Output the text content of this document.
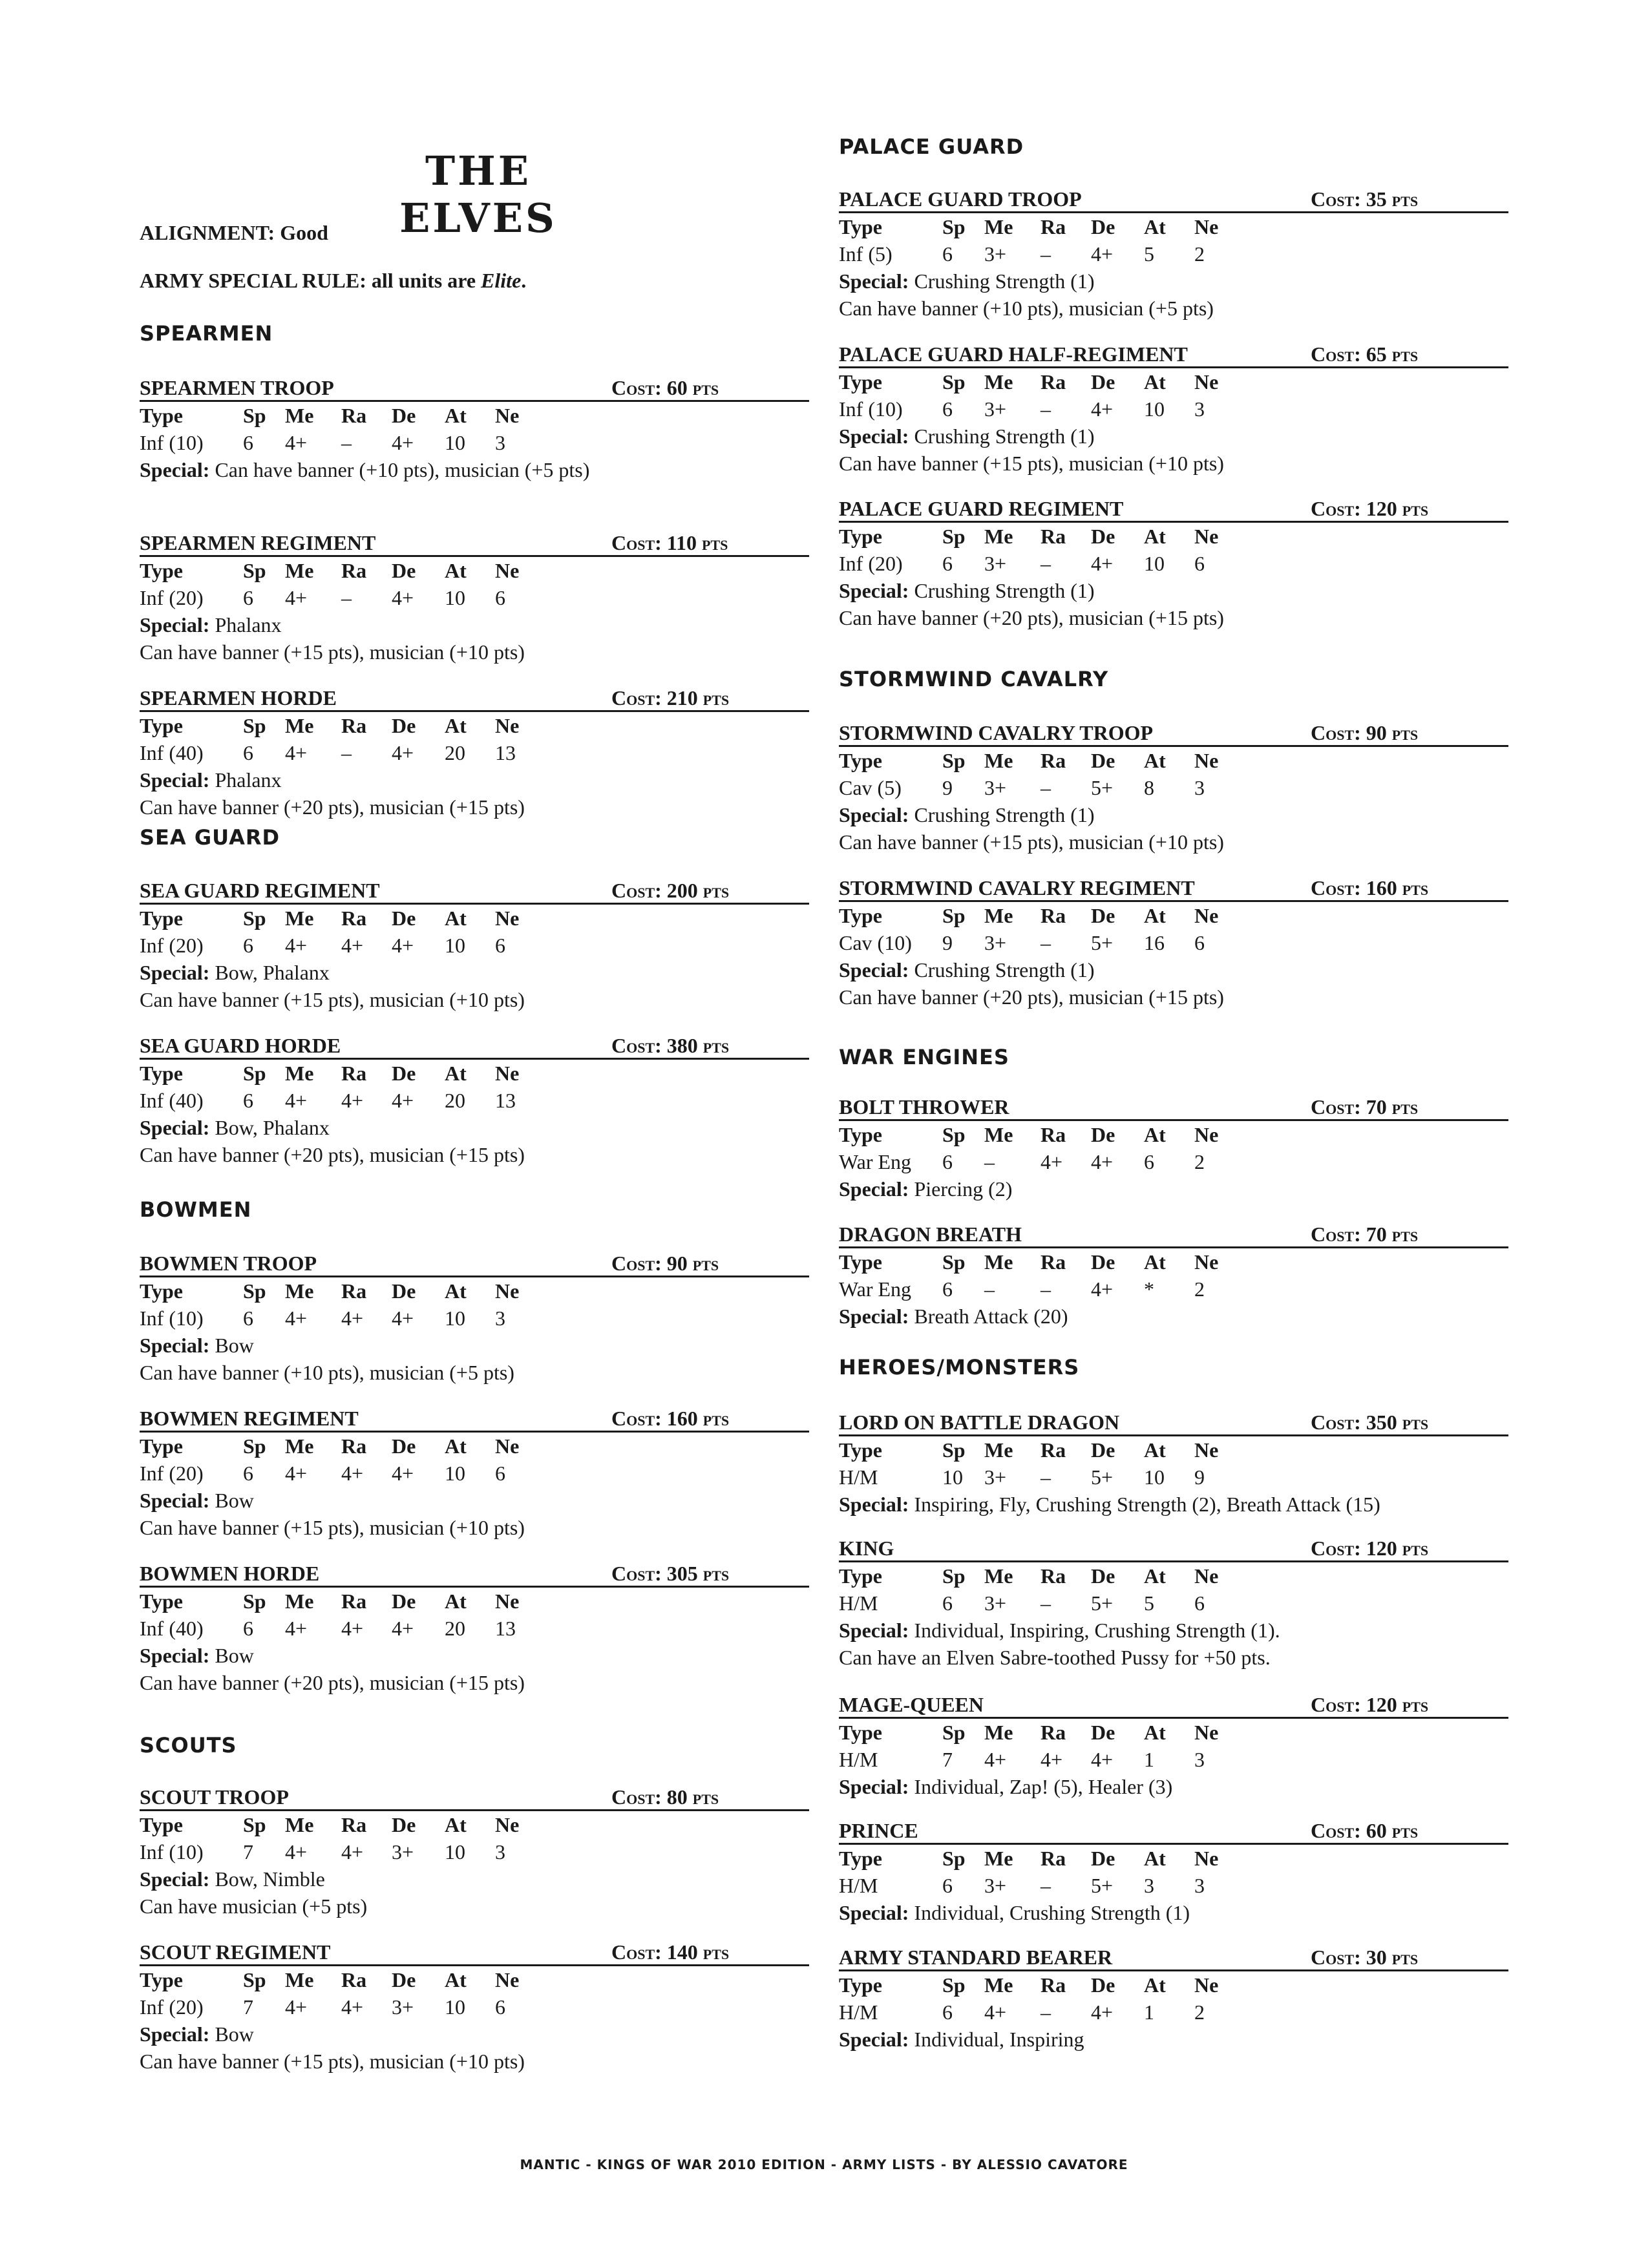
THE ELVES
ALIGNMENT: Good
ARMY SPECIAL RULE: all units are Elite.
SPEARMEN
SPEARMEN TROOP	Cost: 60 pts
Type	Sp Me Ra De At Ne
Inf (10) 6 4+ – 4+ 10 3
Special: Can have banner (+10 pts), musician (+5 pts)
SPEARMEN REGIMENT	Cost: 110 pts
Type	Sp Me Ra De At Ne
Inf (20) 6 4+ – 4+ 10 6
Special: Phalanx
Can have banner (+15 pts), musician (+10 pts)
SPEARMEN HORDE	Cost: 210 pts
Type	Sp Me Ra De At Ne
Inf (40) 6 4+ – 4+ 20 13
Special: Phalanx
Can have banner (+20 pts), musician (+15 pts)
SEA GUARD
SEA GUARD REGIMENT	Cost: 200 pts
Type	Sp Me Ra De At Ne
Inf (20) 6 4+ 4+ 4+ 10 6
Special: Bow, Phalanx
Can have banner (+15 pts), musician (+10 pts)
SEA GUARD HORDE	Cost: 380 pts
Type	Sp Me Ra De At Ne
Inf (40) 6 4+ 4+ 4+ 20 13
Special: Bow, Phalanx
Can have banner (+20 pts), musician (+15 pts)
BOWMEN
BOWMEN TROOP	Cost: 90 pts
Type	Sp Me Ra De At Ne
Inf (10) 6 4+ 4+ 4+ 10 3
Special: Bow
Can have banner (+10 pts), musician (+5 pts)
BOWMEN REGIMENT	Cost: 160 pts
Type	Sp Me Ra De At Ne
Inf (20) 6 4+ 4+ 4+ 10 6
Special: Bow
Can have banner (+15 pts), musician (+10 pts)
BOWMEN HORDE	Cost: 305 pts
Type	Sp Me Ra De At Ne
Inf (40) 6 4+ 4+ 4+ 20 13
Special: Bow
Can have banner (+20 pts), musician (+15 pts)
SCOUTS
SCOUT TROOP	Cost: 80 pts
Type	Sp Me Ra De At Ne
Inf (10) 7 4+ 4+ 3+ 10 3
Special: Bow, Nimble
Can have musician (+5 pts)
SCOUT REGIMENT	Cost: 140 pts
Type	Sp Me Ra De At Ne
Inf (20) 7 4+ 4+ 3+ 10 6
Special: Bow
Can have banner (+15 pts), musician (+10 pts)
PALACE GUARD
PALACE GUARD TROOP	Cost: 35 pts
Type	Sp Me Ra De At Ne
Inf (5) 6 3+ – 4+ 5 2
Special: Crushing Strength (1)
Can have banner (+10 pts), musician (+5 pts)
PALACE GUARD HALF-REGIMENT	Cost: 65 pts
Type	Sp Me Ra De At Ne
Inf (10) 6 3+ – 4+ 10 3
Special: Crushing Strength (1)
Can have banner (+15 pts), musician (+10 pts)
PALACE GUARD REGIMENT	Cost: 120 pts
Type	Sp Me Ra De At Ne
Inf (20) 6 3+ – 4+ 10 6
Special: Crushing Strength (1)
Can have banner (+20 pts), musician (+15 pts)
STORMWIND CAVALRY
STORMWIND CAVALRY TROOP	Cost: 90 pts
Type	Sp Me Ra De At Ne
Cav (5) 9 3+ – 5+ 8 3
Special: Crushing Strength (1)
Can have banner (+15 pts), musician (+10 pts)
STORMWIND CAVALRY REGIMENT	Cost: 160 pts
Type	Sp Me Ra De At Ne
Cav (10) 9 3+ – 5+ 16 6
Special: Crushing Strength (1)
Can have banner (+20 pts), musician (+15 pts)
WAR ENGINES
BOLT THROWER	Cost: 70 pts
Type	Sp Me Ra De At Ne
War Eng 6 – 4+ 4+ 6 2
Special: Piercing (2)
DRAGON BREATH	Cost: 70 pts
Type	Sp Me Ra De At Ne
War Eng 6 – – 4+ * 2
Special: Breath Attack (20)
HEROES/MONSTERS
LORD ON BATTLE DRAGON	Cost: 350 pts
Type	Sp Me Ra De At Ne
H/M	10 3+ – 5+ 10 9
Special: Inspiring, Fly, Crushing Strength (2), Breath Attack (15)
KING	Cost: 120 pts
Type	Sp Me Ra De At Ne
H/M	6 3+ – 5+ 5 6
Special: Individual, Inspiring, Crushing Strength (1).
Can have an Elven Sabre-toothed Pussy for +50 pts.
MAGE-QUEEN	Cost: 120 pts
Type	Sp Me Ra De At Ne
H/M	7 4+ 4+ 4+ 1 3
Special: Individual, Zap! (5), Healer (3)
PRINCE	Cost: 60 pts
Type	Sp Me Ra De At Ne
H/M	6 3+ – 5+ 3 3
Special: Individual, Crushing Strength (1)
ARMY STANDARD BEARER	Cost: 30 pts
Type	Sp Me Ra De At Ne
H/M	6 4+ – 4+ 1 2
Special: Individual, Inspiring
MANTIC - KINGS OF WAR 2010 EDITION - ARMY LISTS - BY ALESSIO CAVATORE
